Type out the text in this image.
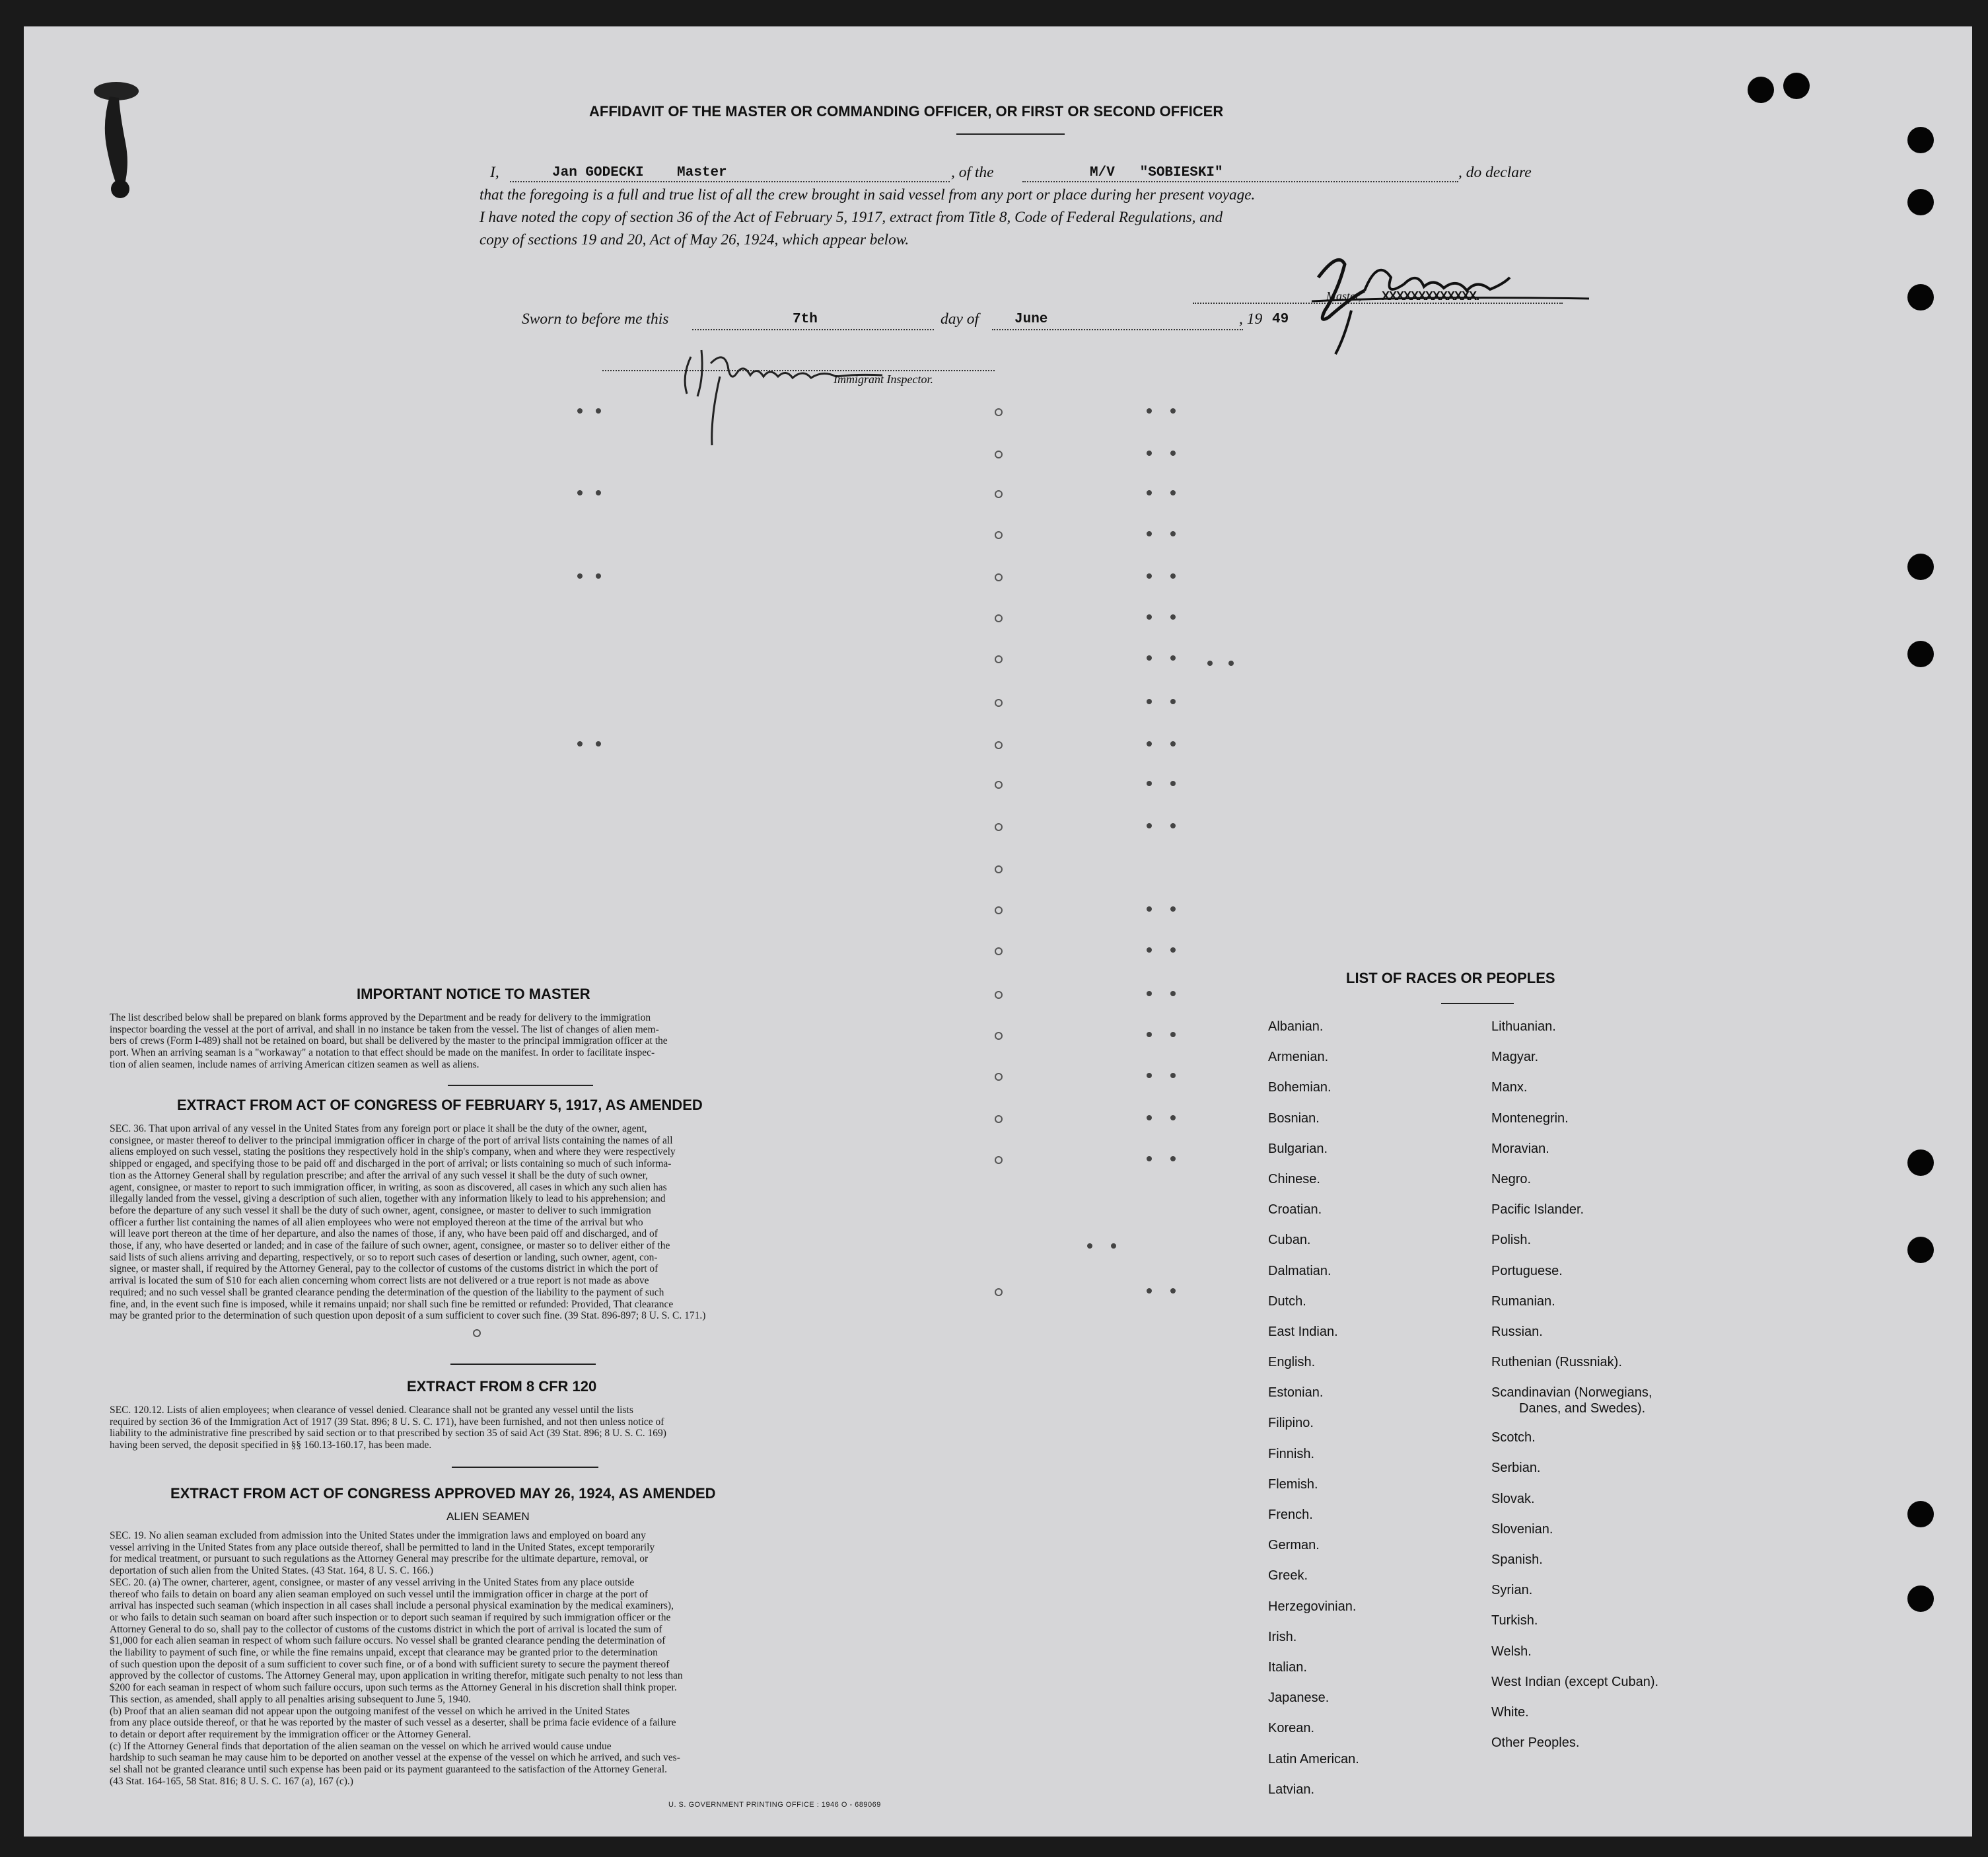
AFFIDAVIT OF THE MASTER OR COMMANDING OFFICER, OR FIRST OR SECOND OFFICER
I,	Jan GODECKI    Master	, of the	M/V   "SOBIESKI"	, do declare
that the foregoing is a full and true list of all the crew brought in said vessel from any port or place during her present voyage.
I have noted the copy of section 36 of the Act of February 5, 1917, extract from Title 8, Code of Federal Regulations, and
copy of sections 19 and 20, Act of May 26, 1924, which appear below.
Master, XXXXXXXXXXXXX.
Sworn to before me this	7th	day of	June	, 19 49
Immigrant Inspector.
IMPORTANT NOTICE TO MASTER
The list described below shall be prepared on blank forms approved by the Department and be ready for delivery to the immigration
inspector boarding the vessel at the port of arrival, and shall in no instance be taken from the vessel. The list of changes of alien mem-
bers of crews (Form I-489) shall not be retained on board, but shall be delivered by the master to the principal immigration officer at the
port. When an arriving seaman is a "workaway" a notation to that effect should be made on the manifest. In order to facilitate inspec-
tion of alien seamen, include names of arriving American citizen seamen as well as aliens.
EXTRACT FROM ACT OF CONGRESS OF FEBRUARY 5, 1917, AS AMENDED
SEC. 36. That upon arrival of any vessel in the United States from any foreign port or place it shall be the duty of the owner, agent,
consignee, or master thereof to deliver to the principal immigration officer in charge of the port of arrival lists containing the names of all
aliens employed on such vessel, stating the positions they respectively hold in the ship's company, when and where they were respectively
shipped or engaged, and specifying those to be paid off and discharged in the port of arrival; or lists containing so much of such informa-
tion as the Attorney General shall by regulation prescribe; and after the arrival of any such vessel it shall be the duty of such owner,
agent, consignee, or master to report to such immigration officer, in writing, as soon as discovered, all cases in which any such alien has
illegally landed from the vessel, giving a description of such alien, together with any information likely to lead to his apprehension; and
before the departure of any such vessel it shall be the duty of such owner, agent, consignee, or master to deliver to such immigration
officer a further list containing the names of all alien employees who were not employed thereon at the time of the arrival but who
will leave port thereon at the time of her departure, and also the names of those, if any, who have been paid off and discharged, and of
those, if any, who have deserted or landed; and in case of the failure of such owner, agent, consignee, or master so to deliver either of the
said lists of such aliens arriving and departing, respectively, or so to report such cases of desertion or landing, such owner, agent, con-
signee, or master shall, if required by the Attorney General, pay to the collector of customs of the customs district in which the port of
arrival is located the sum of $10 for each alien concerning whom correct lists are not delivered or a true report is not made as above
required; and no such vessel shall be granted clearance pending the determination of the question of the liability to the payment of such
fine, and, in the event such fine is imposed, while it remains unpaid; nor shall such fine be remitted or refunded: Provided, That clearance
may be granted prior to the determination of such question upon deposit of a sum sufficient to cover such fine. (39 Stat. 896-897; 8 U. S. C. 171.)
EXTRACT FROM 8 CFR 120
SEC. 120.12. Lists of alien employees; when clearance of vessel denied. Clearance shall not be granted any vessel until the lists
required by section 36 of the Immigration Act of 1917 (39 Stat. 896; 8 U. S. C. 171), have been furnished, and not then unless notice of
liability to the administrative fine prescribed by said section or to that prescribed by section 35 of said Act (39 Stat. 896; 8 U. S. C. 169)
having been served, the deposit specified in §§ 160.13-160.17, has been made.
EXTRACT FROM ACT OF CONGRESS APPROVED MAY 26, 1924, AS AMENDED
ALIEN SEAMEN
SEC. 19. No alien seaman excluded from admission into the United States under the immigration laws and employed on board any
vessel arriving in the United States from any place outside thereof, shall be permitted to land in the United States, except temporarily
for medical treatment, or pursuant to such regulations as the Attorney General may prescribe for the ultimate departure, removal, or
deportation of such alien from the United States. (43 Stat. 164, 8 U. S. C. 166.)
SEC. 20. (a) The owner, charterer, agent, consignee, or master of any vessel arriving in the United States from any place outside
thereof who fails to detain on board any alien seaman employed on such vessel until the immigration officer in charge at the port of
arrival has inspected such seaman (which inspection in all cases shall include a personal physical examination by the medical examiners),
or who fails to detain such seaman on board after such inspection or to deport such seaman if required by such immigration officer or the
Attorney General to do so, shall pay to the collector of customs of the customs district in which the port of arrival is located the sum of
$1,000 for each alien seaman in respect of whom such failure occurs. No vessel shall be granted clearance pending the determination of
the liability to payment of such fine, or while the fine remains unpaid, except that clearance may be granted prior to the determination
of such question upon the deposit of a sum sufficient to cover such fine, or of a bond with sufficient surety to secure the payment thereof
approved by the collector of customs. The Attorney General may, upon application in writing therefor, mitigate such penalty to not less than
$200 for each seaman in respect of whom such failure occurs, upon such terms as the Attorney General in his discretion shall think proper.
This section, as amended, shall apply to all penalties arising subsequent to June 5, 1940.
(b) Proof that an alien seaman did not appear upon the outgoing manifest of the vessel on which he arrived in the United States
from any place outside thereof, or that he was reported by the master of such vessel as a deserter, shall be prima facie evidence of a failure
to detain or deport after requirement by the immigration officer or the Attorney General.
(c) If the Attorney General finds that deportation of the alien seaman on the vessel on which he arrived would cause undue
hardship to such seaman he may cause him to be deported on another vessel at the expense of the vessel on which he arrived, and such ves-
sel shall not be granted clearance until such expense has been paid or its payment guaranteed to the satisfaction of the Attorney General.
(43 Stat. 164-165, 58 Stat. 816; 8 U. S. C. 167 (a), 167 (c).)
U. S. GOVERNMENT PRINTING OFFICE : 1946 O - 689069
LIST OF RACES OR PEOPLES
Albanian.
Armenian.
Bohemian.
Bosnian.
Bulgarian.
Chinese.
Croatian.
Cuban.
Dalmatian.
Dutch.
East Indian.
English.
Estonian.
Filipino.
Finnish.
Flemish.
French.
German.
Greek.
Herzegovinian.
Irish.
Italian.
Japanese.
Korean.
Latin American.
Latvian.
Lithuanian.
Magyar.
Manx.
Montenegrin.
Moravian.
Negro.
Pacific Islander.
Polish.
Portuguese.
Rumanian.
Russian.
Ruthenian (Russniak).
Scandinavian (Norwegians,
Danes, and Swedes).
Scotch.
Serbian.
Slovak.
Slovenian.
Spanish.
Syrian.
Turkish.
Welsh.
West Indian (except Cuban).
White.
Other Peoples.
